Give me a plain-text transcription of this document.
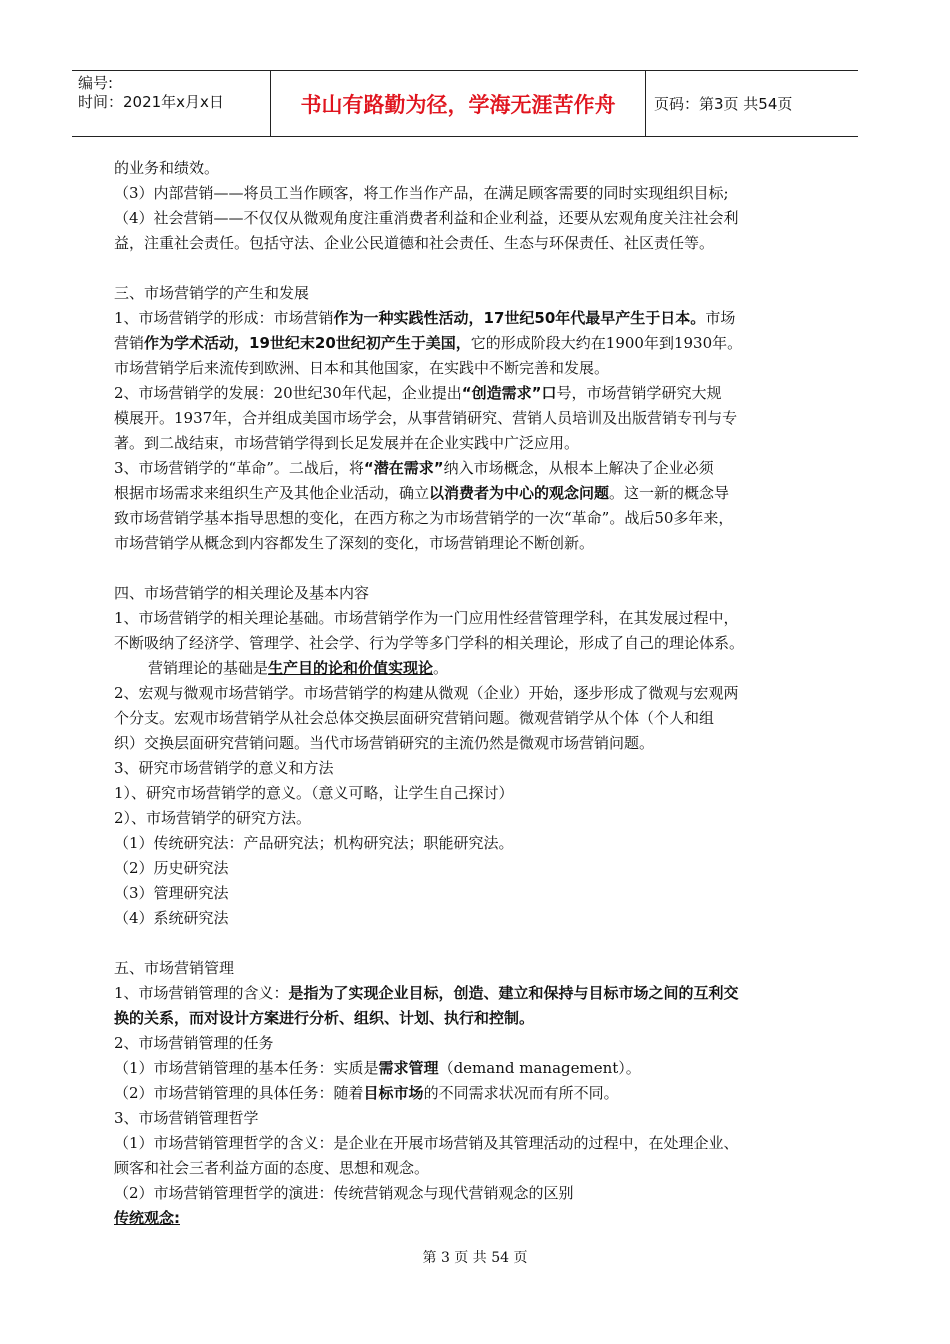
编号:
时间：2021年x月x日	书山有路勤为径，学海无涯苦作舟	页码：第3页 共54页

的业务和绩效。

（3）内部营销——将员工当作顾客，将工作当作产品，在满足顾客需要的同时实现组织目标;

（4）社会营销——不仅仅从微观角度注重消费者利益和企业利益，还要从宏观角度关注社会利

益，注重社会责任。包括守法、企业公民道德和社会责任、生态与环保责任、社区责任等。

三、市场营销学的产生和发展

1、市场营销学的形成：市场营销作为一种实践性活动，17世纪50年代最早产生于日本。市场

营销作为学术活动，19世纪末20世纪初产生于美国，它的形成阶段大约在1900年到1930年。

市场营销学后来流传到欧洲、日本和其他国家，在实践中不断完善和发展。

2、市场营销学的发展：20世纪30年代起，企业提出“创造需求”口号，市场营销学研究大规

模展开。1937年，合并组成美国市场学会，从事营销研究、营销人员培训及出版营销专刊与专

著。到二战结束，市场营销学得到长足发展并在企业实践中广泛应用。

3、市场营销学的“革命”。二战后，将“潜在需求”纳入市场概念，从根本上解决了企业必须

根据市场需求来组织生产及其他企业活动，确立以消费者为中心的观念问题。这一新的概念导

致市场营销学基本指导思想的变化，在西方称之为市场营销学的一次“革命”。战后50多年来，

市场营销学从概念到内容都发生了深刻的变化，市场营销理论不断创新。

四、市场营销学的相关理论及基本内容

1、市场营销学的相关理论基础。市场营销学作为一门应用性经营管理学科，在其发展过程中，

不断吸纳了经济学、管理学、社会学、行为学等多门学科的相关理论，形成了自己的理论体系。

营销理论的基础是生产目的论和价值实现论。

2、宏观与微观市场营销学。市场营销学的构建从微观（企业）开始，逐步形成了微观与宏观两

个分支。宏观市场营销学从社会总体交换层面研究营销问题。微观营销学从个体（个人和组

织）交换层面研究营销问题。当代市场营销研究的主流仍然是微观市场营销问题。

3、研究市场营销学的意义和方法

1）、研究市场营销学的意义。（意义可略，让学生自己探讨）

2）、市场营销学的研究方法。

（1）传统研究法：产品研究法；机构研究法；职能研究法。

（2）历史研究法

（3）管理研究法

（4）系统研究法

五、市场营销管理

1、市场营销管理的含义：是指为了实现企业目标，创造、建立和保持与目标市场之间的互利交

换的关系，而对设计方案进行分析、组织、计划、执行和控制。

2、市场营销管理的任务

（1）市场营销管理的基本任务：实质是需求管理（demand management）。

（2）市场营销管理的具体任务：随着目标市场的不同需求状况而有所不同。

3、市场营销管理哲学

（1）市场营销管理哲学的含义：是企业在开展市场营销及其管理活动的过程中，在处理企业、

顾客和社会三者利益方面的态度、思想和观念。

（2）市场营销管理哲学的演进：传统营销观念与现代营销观念的区别

传统观念:

第 3 页 共 54 页
